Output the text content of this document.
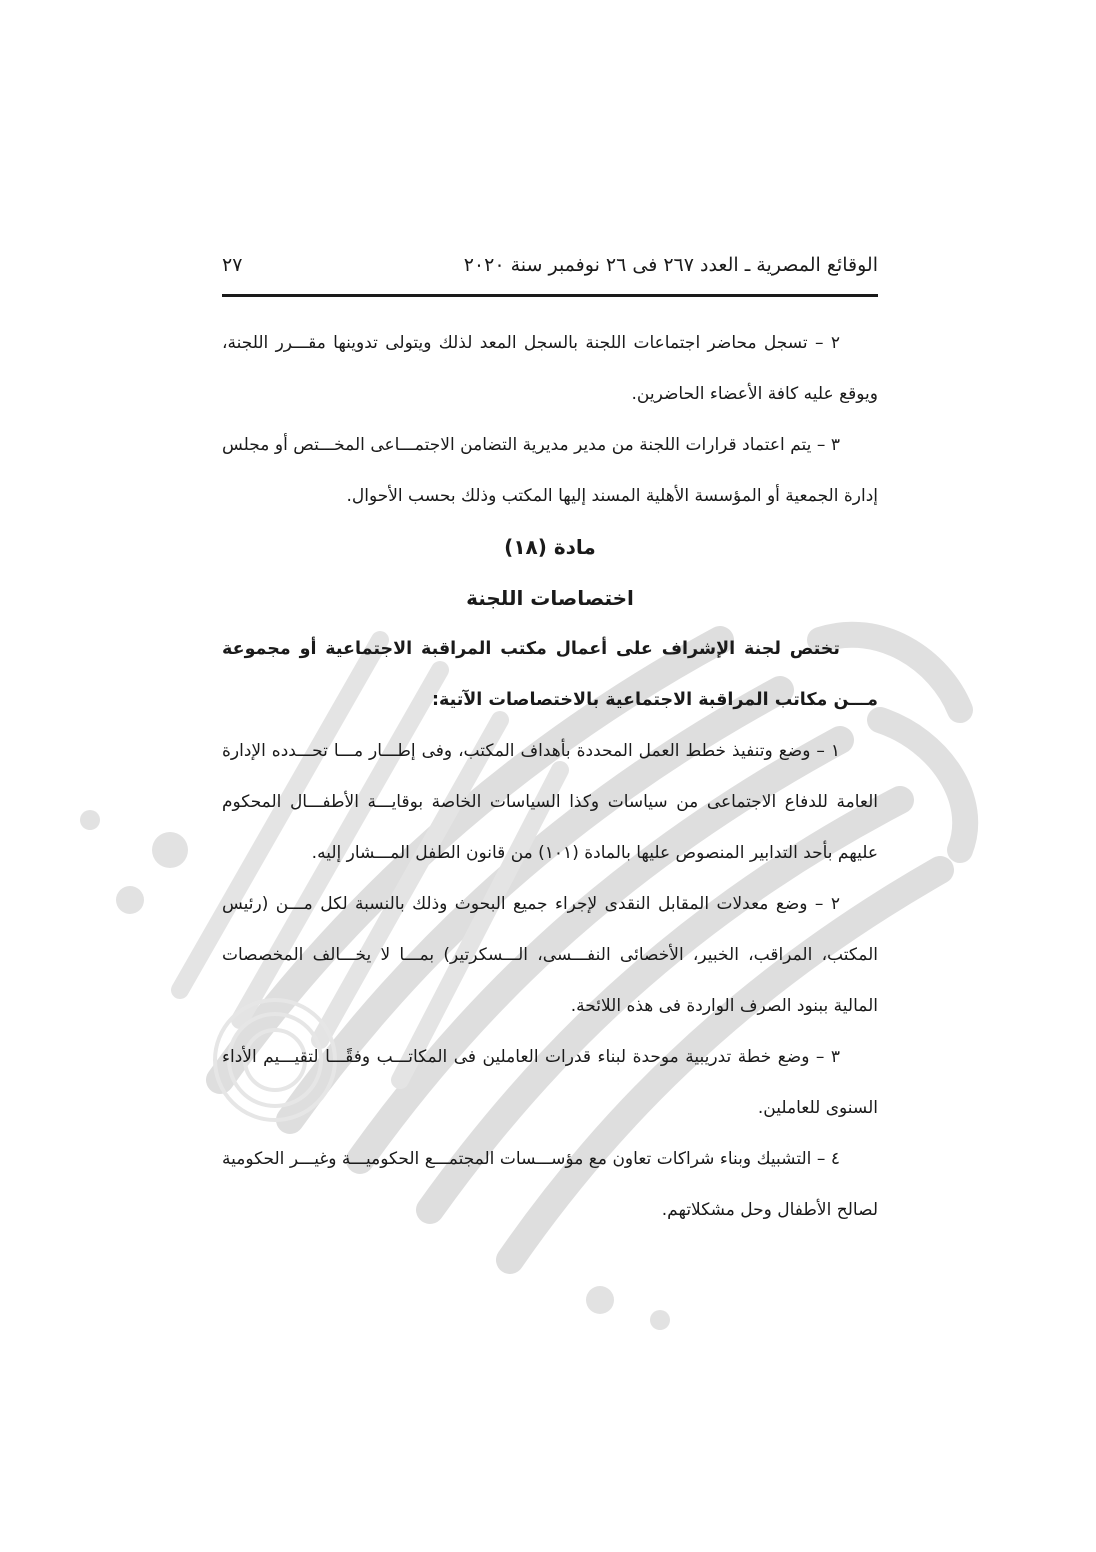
الوقائع المصرية ـ العدد ٢٦٧ فى ٢٦ نوفمبر سنة ٢٠٢٠
٢٧

٢ – تسجل محاضر اجتماعات اللجنة بالسجل المعد لذلك ويتولى تدوينها مقـــرر اللجنة، ويوقع عليه كافة الأعضاء الحاضرين.

٣ – يتم اعتماد قرارات اللجنة من مدير مديرية التضامن الاجتمـــاعى المخـــتص أو مجلس إدارة الجمعية أو المؤسسة الأهلية المسند إليها المكتب وذلك بحسب الأحوال.

مادة (١٨)

اختصاصات اللجنة

تختص لجنة الإشراف على أعمال مكتب المراقبة الاجتماعية أو مجموعة مـــن مكاتب المراقبة الاجتماعية بالاختصاصات الآتية:

١ – وضع وتنفيذ خطط العمل المحددة بأهداف المكتب، وفى إطـــار مـــا تحـــدده الإدارة العامة للدفاع الاجتماعى من سياسات وكذا السياسات الخاصة بوقايـــة الأطفـــال المحكوم عليهم بأحد التدابير المنصوص عليها بالمادة (١٠١) من قانون الطفل المـــشار إليه.

٢ – وضع معدلات المقابل النقدى لإجراء جميع البحوث وذلك بالنسبة لكل مـــن (رئيس المكتب، المراقب، الخبير، الأخصائى النفـــسى، الـــسكرتير) بمـــا لا يخـــالف المخصصات المالية ببنود الصرف الواردة فى هذه اللائحة.

٣ – وضع خطة تدريبية موحدة لبناء قدرات العاملين فى المكاتـــب وفقًـــا لتقيـــيم الأداء السنوى للعاملين.

٤ – التشبيك وبناء شراكات تعاون مع مؤســـسات المجتمـــع الحكوميـــة وغيـــر الحكومية لصالح الأطفال وحل مشكلاتهم.
